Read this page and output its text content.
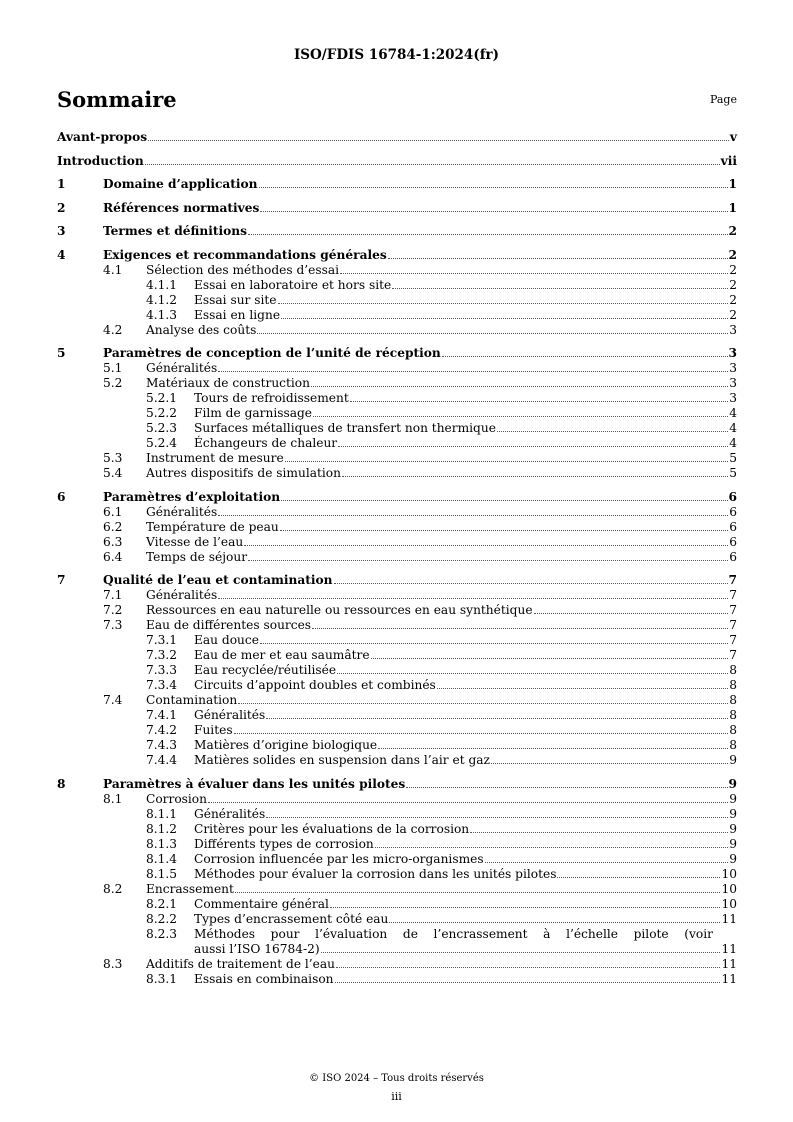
ISO/FDIS 16784-1:2024(fr)
Sommaire	Page
Avant-propos	v
Introduction	vii
1	Domaine d’application	1
2	Références normatives	1
3	Termes et définitions	2
4	Exigences et recommandations générales	2
4.1	Sélection des méthodes d’essai	2
4.1.1	Essai en laboratoire et hors site	2
4.1.2	Essai sur site	2
4.1.3	Essai en ligne	2
4.2	Analyse des coûts	3
5	Paramètres de conception de l’unité de réception	3
5.1	Généralités	3
5.2	Matériaux de construction	3
5.2.1	Tours de refroidissement	3
5.2.2	Film de garnissage	4
5.2.3	Surfaces métalliques de transfert non thermique	4
5.2.4	Échangeurs de chaleur	4
5.3	Instrument de mesure	5
5.4	Autres dispositifs de simulation	5
6	Paramètres d’exploitation	6
6.1	Généralités	6
6.2	Température de peau	6
6.3	Vitesse de l’eau	6
6.4	Temps de séjour	6
7	Qualité de l’eau et contamination	7
7.1	Généralités	7
7.2	Ressources en eau naturelle ou ressources en eau synthétique	7
7.3	Eau de différentes sources	7
7.3.1	Eau douce	7
7.3.2	Eau de mer et eau saumâtre	7
7.3.3	Eau recyclée/réutilisée	8
7.3.4	Circuits d’appoint doubles et combinés	8
7.4	Contamination	8
7.4.1	Généralités	8
7.4.2	Fuites	8
7.4.3	Matières d’origine biologique	8
7.4.4	Matières solides en suspension dans l’air et gaz	9
8	Paramètres à évaluer dans les unités pilotes	9
8.1	Corrosion	9
8.1.1	Généralités	9
8.1.2	Critères pour les évaluations de la corrosion	9
8.1.3	Différents types de corrosion	9
8.1.4	Corrosion influencée par les micro-organismes	9
8.1.5	Méthodes pour évaluer la corrosion dans les unités pilotes	10
8.2	Encrassement	10
8.2.1	Commentaire général	10
8.2.2	Types d’encrassement côté eau	11
8.2.3	Méthodes pour l’évaluation de l’encrassement à l’échelle pilote (voir
aussi l’ISO 16784-2)	11
8.3	Additifs de traitement de l’eau	11
8.3.1	Essais en combinaison	11
© ISO 2024 – Tous droits réservés
iii
